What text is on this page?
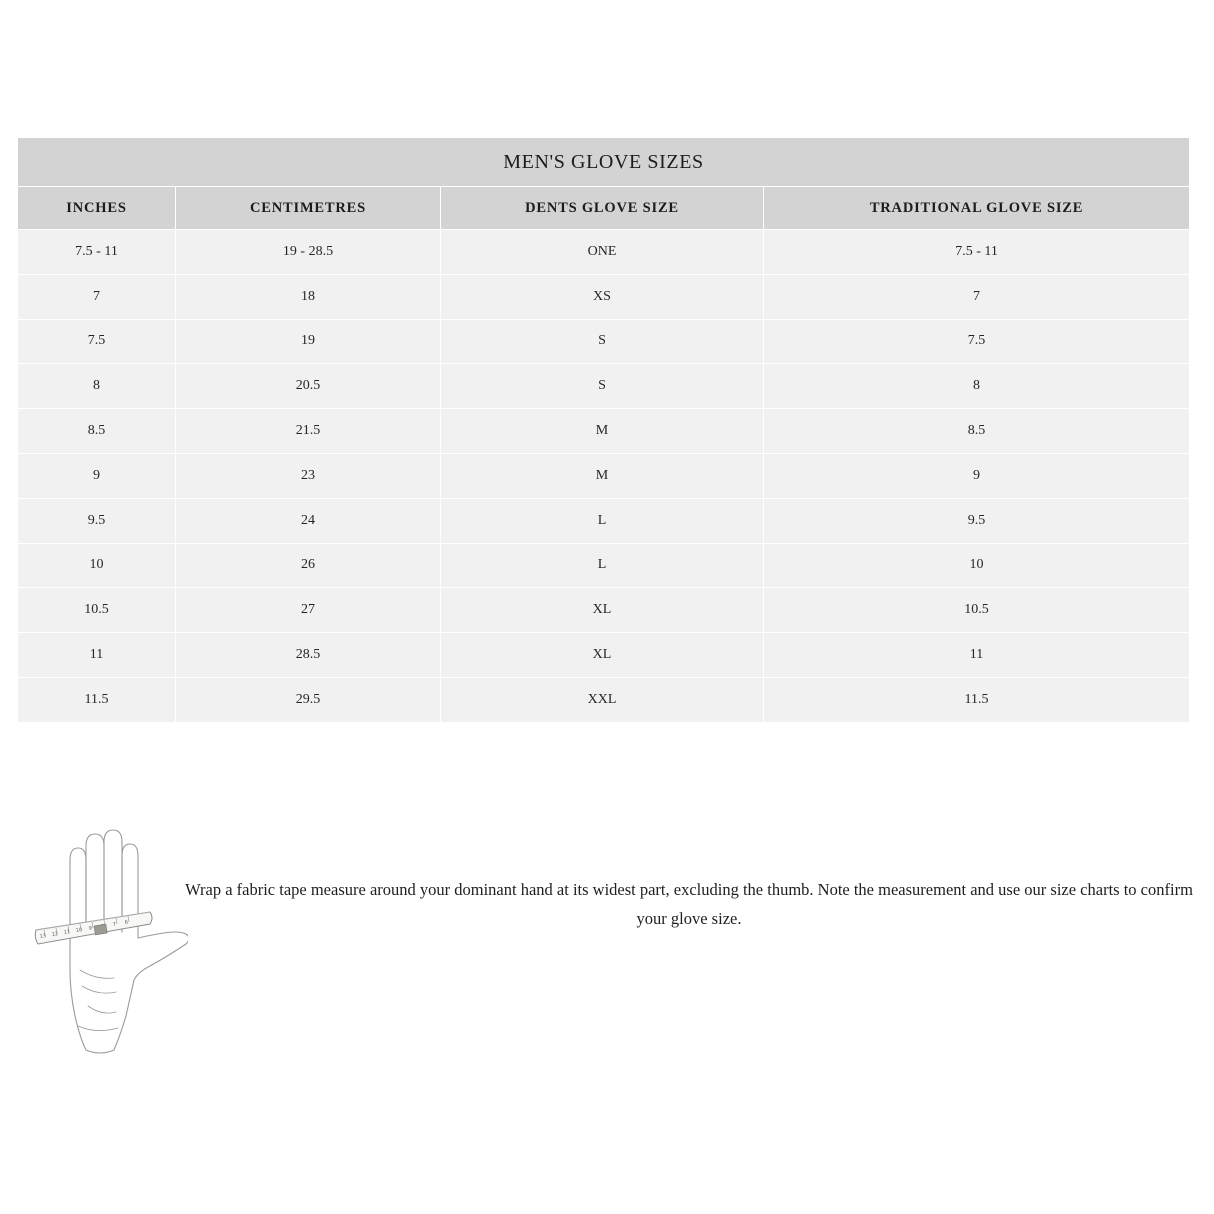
MEN'S GLOVE SIZES			
INCHES	CENTIMETRES	DENTS GLOVE SIZE	TRADITIONAL GLOVE SIZE
7.5 - 11	19 - 28.5	ONE	7.5 - 11
7	18	XS	7
7.5	19	S	7.5
8	20.5	S	8
8.5	21.5	M	8.5
9	23	M	9
9.5	24	L	9.5
10	26	L	10
10.5	27	XL	10.5
11	28.5	XL	11
11.5	29.5	XXL	11.5
13 12 11 10 9
7 6
Wrap a fabric tape measure around your dominant hand at its widest part, excluding the thumb. Note the measurement and use our size charts to confirm your glove size.
